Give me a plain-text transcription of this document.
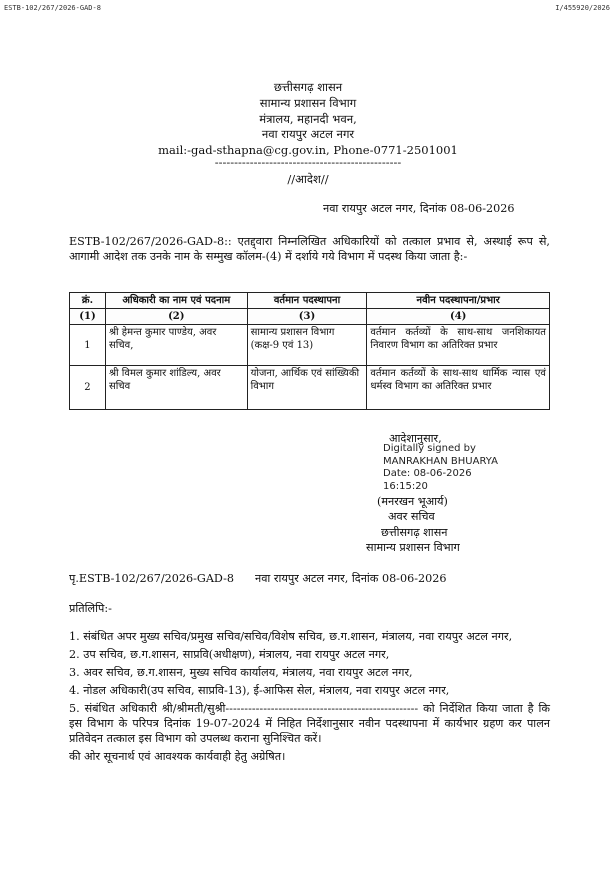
ESTB-102/267/2026-GAD-8	I/455920/2026
छत्तीसगढ़ शासन
सामान्य प्रशासन विभाग
मंत्रालय, महानदी भवन,
नवा रायपुर अटल नगर
mail:-gad-sthapna@cg.gov.in, Phone-0771-2501001
------------------------------------------------
//आदेश//
नवा रायपुर अटल नगर, दिनांक 08-06-2026
ESTB-102/267/2026-GAD-8:: एतद्द्वारा निम्नलिखित अधिकारियों को तत्काल प्रभाव से, अस्थाई रूप से, आगामी आदेश तक उनके नाम के सम्मुख कॉलम-(4) में दर्शाये गये विभाग में पदस्थ किया जाता है:-
क्रं.	अधिकारी का नाम एवं पदनाम	वर्तमान पदस्थापना	नवीन पदस्थापना/प्रभार
(1)	(2)	(3)	(4)
1	श्री हेमन्त कुमार पाण्डेय, अवर सचिव,	सामान्य प्रशासन विभाग (कक्ष-9 एवं 13)	वर्तमान कर्तव्यों के साथ-साथ जनशिकायत निवारण विभाग का अतिरिक्त प्रभार
2	श्री विमल कुमार शांडिल्य, अवर सचिव	योजना, आर्थिक एवं सांख्यिकी विभाग	वर्तमान कर्तव्यों के साथ-साथ धार्मिक न्यास एवं धर्मस्व विभाग का अतिरिक्त प्रभार
आदेशानुसार,
Digitally signed by
MANRAKHAN BHUARYA
Date: 08-06-2026
16:15:20
(मनरखन भूआर्य)
अवर सचिव
छत्तीसगढ़ शासन
सामान्य प्रशासन विभाग
पृ.ESTB-102/267/2026-GAD-8 नवा रायपुर अटल नगर, दिनांक 08-06-2026
प्रतिलिपि:-
1. संबंधित अपर मुख्य सचिव/प्रमुख सचिव/सचिव/विशेष सचिव, छ.ग.शासन, मंत्रालय, नवा रायपुर अटल नगर,
2. उप सचिव, छ.ग.शासन, साप्रवि(अधीक्षण), मंत्रालय, नवा रायपुर अटल नगर,
3. अवर सचिव, छ.ग.शासन, मुख्य सचिव कार्यालय, मंत्रालय, नवा रायपुर अटल नगर,
4. नोडल अधिकारी(उप सचिव, साप्रवि-13), ई-आफिस सेल, मंत्रालय, नवा रायपुर अटल नगर,
5. संबंधित अधिकारी श्री/श्रीमती/सुश्री--------------------------------------------------- को निर्देशित किया जाता है कि इस विभाग के परिपत्र दिनांक 19-07-2024 में निहित निर्देशानुसार नवीन पदस्थापना में कार्यभार ग्रहण कर पालन प्रतिवेदन तत्काल इस विभाग को उपलब्ध कराना सुनिश्चित करें।
की ओर सूचनार्थ एवं आवश्यक कार्यवाही हेतु अग्रेषित।
